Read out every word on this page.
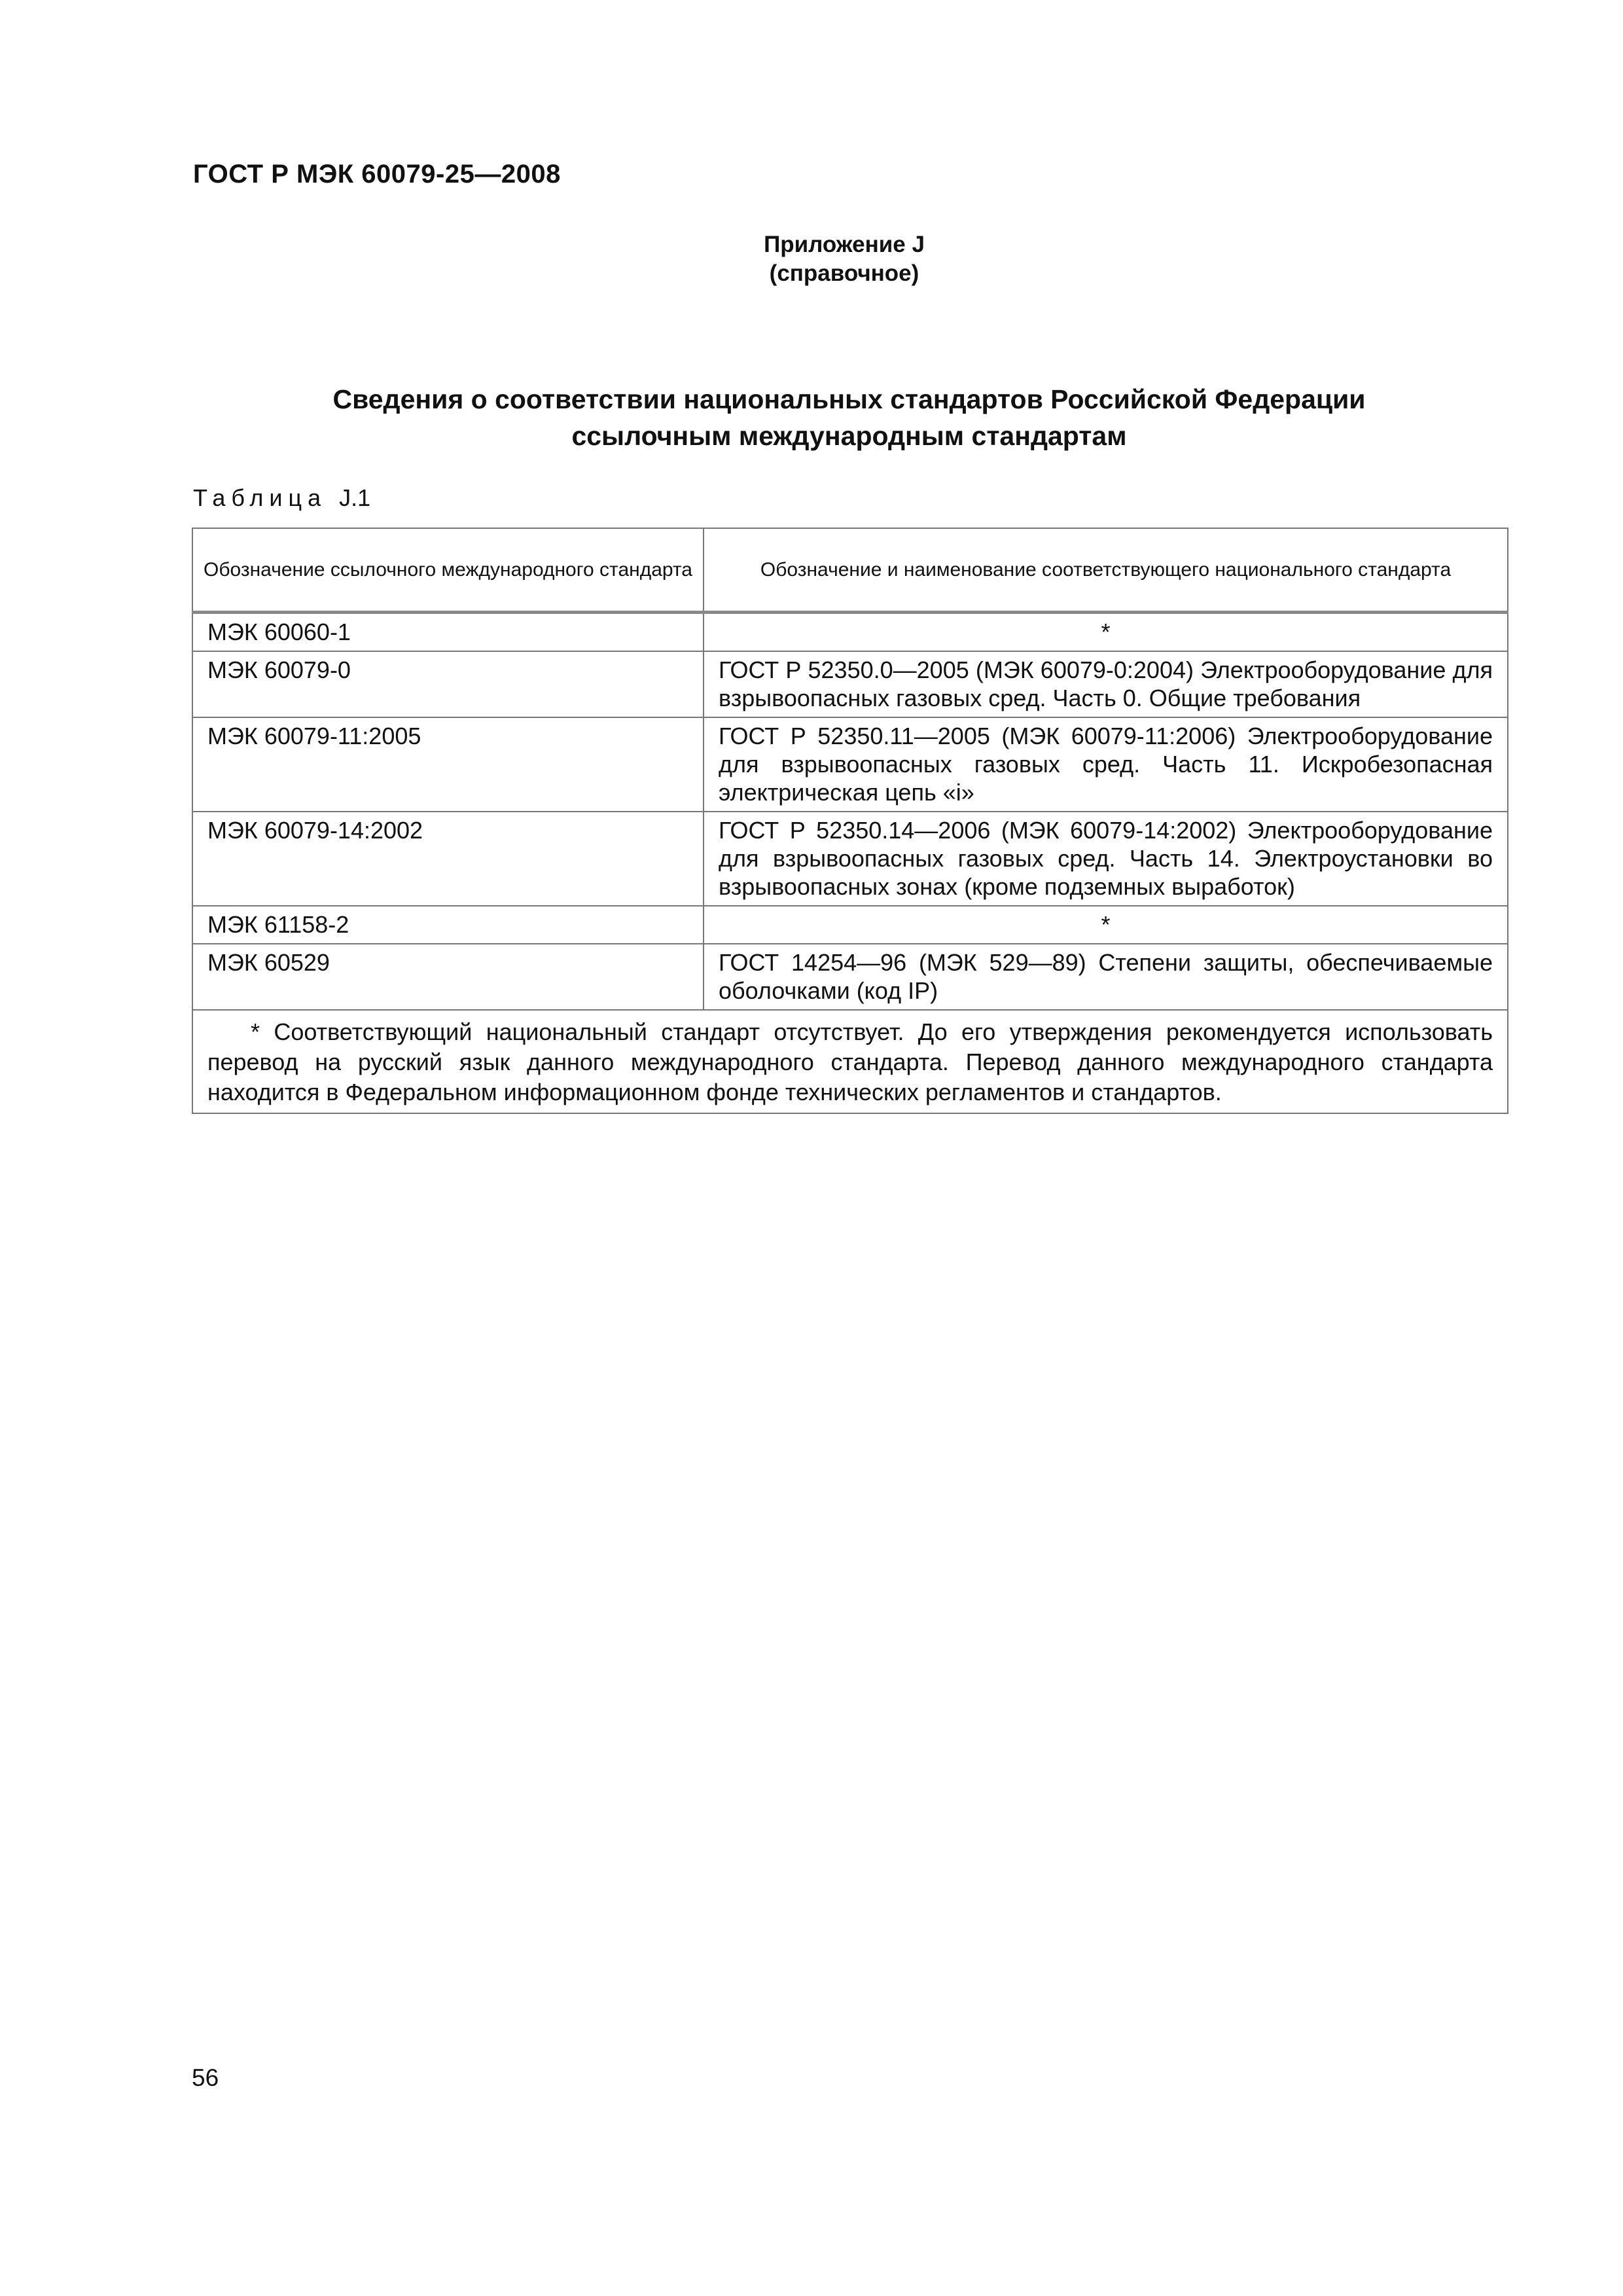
ГОСТ Р МЭК 60079-25—2008
Приложение J
(справочное)
Сведения о соответствии национальных стандартов Российской Федерации
ссылочным международным стандартам
Таблица J.1
Обозначение ссылочного международного стандарта	Обозначение и наименование соответствующего национального стандарта
МЭК 60060-1	*
МЭК 60079-0	ГОСТ Р 52350.0—2005 (МЭК 60079-0:2004) Электрооборудование для взрывоопасных газовых сред. Часть 0. Общие требования
МЭК 60079-11:2005	ГОСТ Р 52350.11—2005 (МЭК 60079-11:2006) Электрооборудование для взрывоопасных газовых сред. Часть 11. Искробезопасная электрическая цепь «i»
МЭК 60079-14:2002	ГОСТ Р 52350.14—2006 (МЭК 60079-14:2002) Электрооборудование для взрывоопасных газовых сред. Часть 14. Электроустановки во взрывоопасных зонах (кроме подземных выработок)
МЭК 61158-2	*
МЭК 60529	ГОСТ 14254—96 (МЭК 529—89) Степени защиты, обеспечиваемые оболочками (код IP)
* Соответствующий национальный стандарт отсутствует. До его утверждения рекомендуется использовать перевод на русский язык данного международного стандарта. Перевод данного международного стандарта находится в Федеральном информационном фонде технических регламентов и стандартов.	
56
